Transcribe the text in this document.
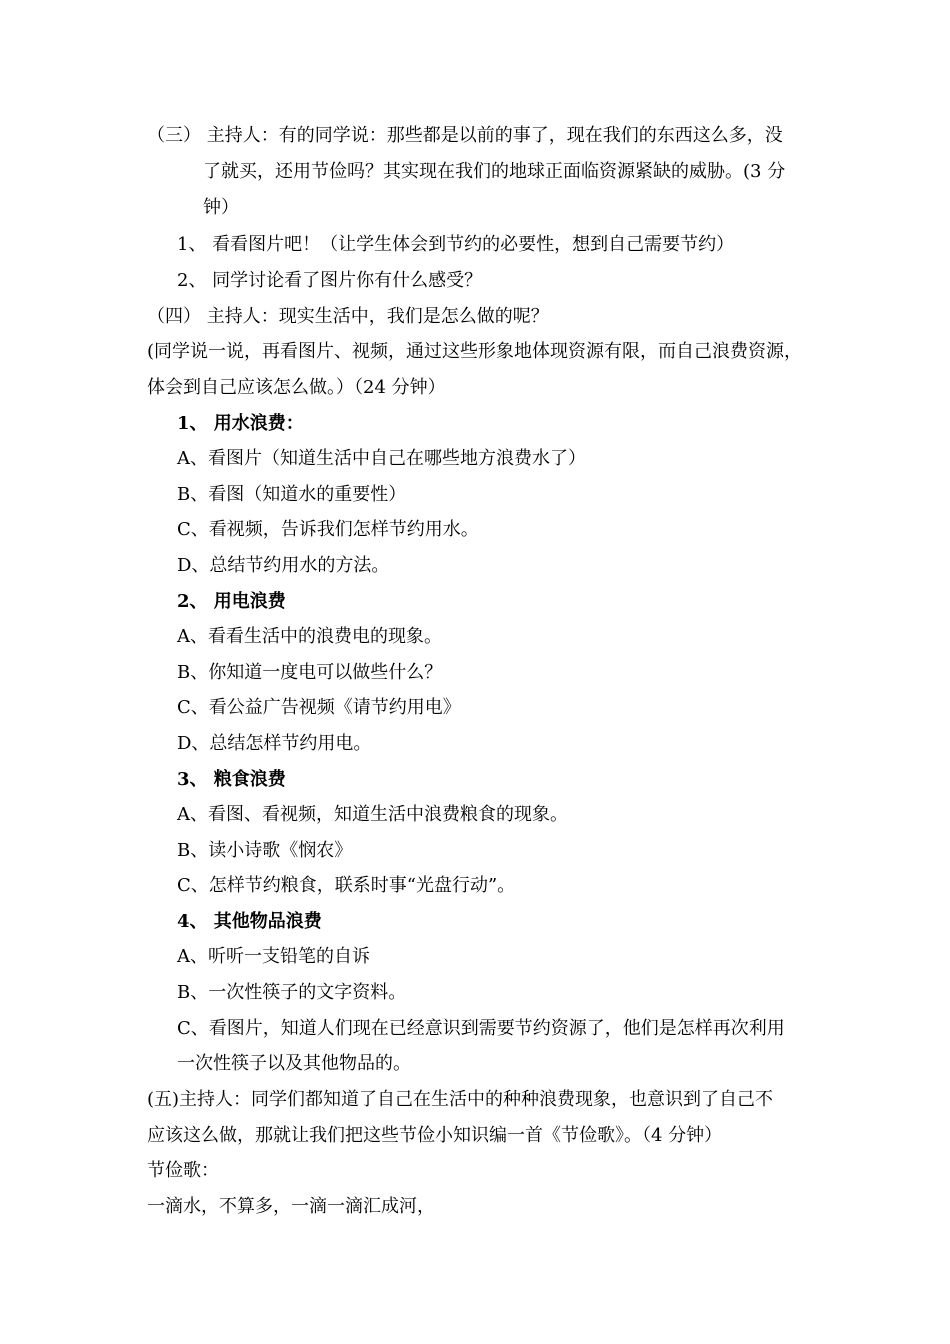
（三） 主持人：有的同学说：那些都是以前的事了，现在我们的东西这么多，没
了就买，还用节俭吗？其实现在我们的地球正面临资源紧缺的威胁。(3 分
钟）
1、 看看图片吧！（让学生体会到节约的必要性，想到自己需要节约）
2、 同学讨论看了图片你有什么感受？
（四） 主持人：现实生活中，我们是怎么做的呢？
(同学说一说，再看图片、视频，通过这些形象地体现资源有限，而自己浪费资源，
体会到自己应该怎么做。）（24 分钟）
1、 用水浪费：
A、看图片（知道生活中自己在哪些地方浪费水了）
B、看图（知道水的重要性）
C、看视频，告诉我们怎样节约用水。
D、总结节约用水的方法。
2、 用电浪费
A、看看生活中的浪费电的现象。
B、你知道一度电可以做些什么？
C、看公益广告视频《请节约用电》
D、总结怎样节约用电。
3、 粮食浪费
A、看图、看视频，知道生活中浪费粮食的现象。
B、读小诗歌《悯农》
C、怎样节约粮食，联系时事“光盘行动”。
4、 其他物品浪费
A、听听一支铅笔的自诉
B、一次性筷子的文字资料。
C、看图片，知道人们现在已经意识到需要节约资源了，他们是怎样再次利用
一次性筷子以及其他物品的。
(五)主持人：同学们都知道了自己在生活中的种种浪费现象，也意识到了自己不
应该这么做，那就让我们把这些节俭小知识编一首《节俭歌》。（4 分钟）
节俭歌：
一滴水，不算多，一滴一滴汇成河，
